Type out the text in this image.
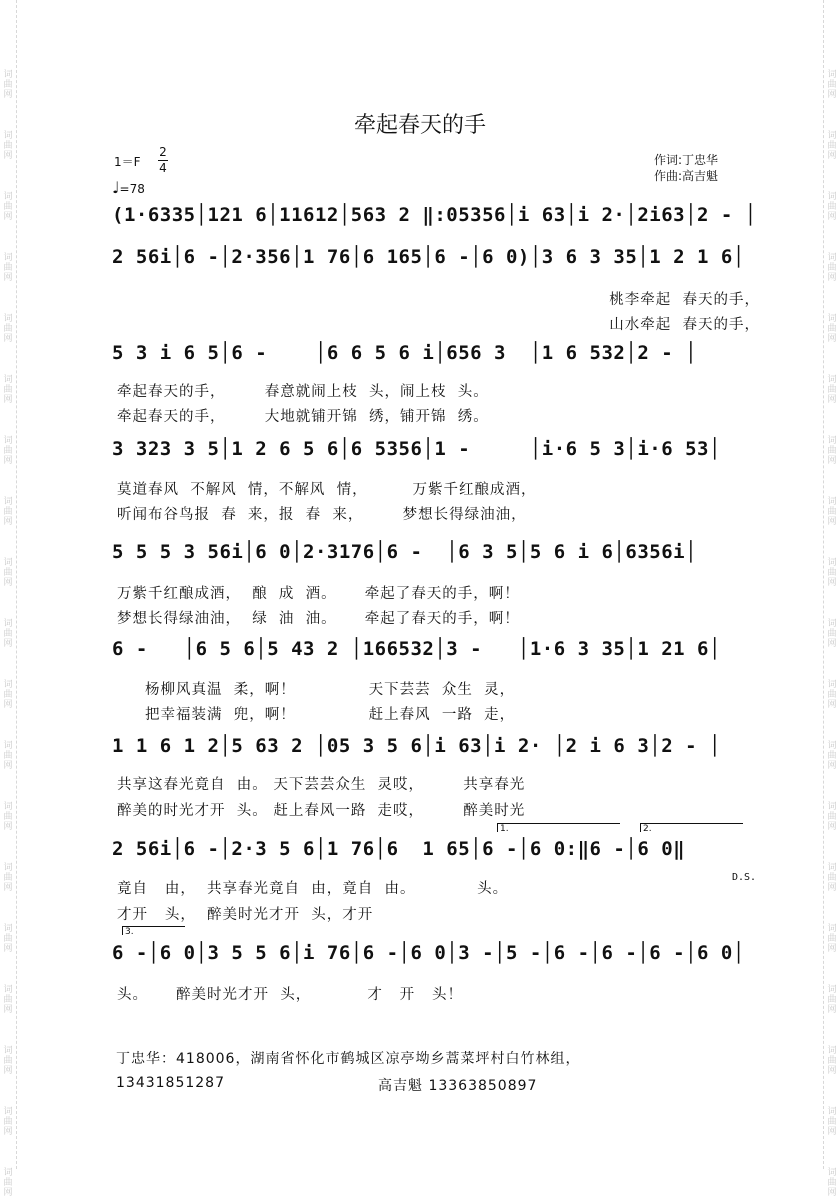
词
曲
网
词
曲
网
词
曲
网
词
曲
网
词
曲
网
词
曲
网
词
曲
网
词
曲
网
词
曲
网
词
曲
网
词
曲
网
词
曲
网
词
曲
网
词
曲
网
词
曲
网
词
曲
网
词
曲
网
词
曲
网
词
曲
网
词
曲
网
词
曲
网
词
曲
网
词
曲
网
词
曲
网
词
曲
网
词
曲
网
词
曲
网
词
曲
网
词
曲
网
词
曲
网
词
曲
网
词
曲
网
词
曲
网
词
曲
网
词
曲
网
词
曲
网
词
曲
网
词
曲
网
牵起春天的手
1＝F
2
4
♩=78
作词:丁忠华
作曲:高吉魁
(1·6335│121 6│11612│563 2 ‖:05356│i 63│i 2·│2i63│2 - │
2 56i│6 -│2·356│1 76│6 165│6 -│6 0)│3 6 3 35│1 2 1 6│
桃李牵起  春天的手，
山水牵起  春天的手，
5 3 i 6 5│6 -    │6 6 5 6 i│656 3  │1 6 532│2 - │
牵起春天的手，       春意就闹上枝  头，闹上枝  头。
牵起春天的手，       大地就铺开锦  绣，铺开锦  绣。
3 323 3 5│1 2 6 5 6│6 5356│1 -     │i·6 5 3│i·6 53│
莫道春风  不解风  情，不解风  情，        万紫千红酿成酒，
听闻布谷鸟报  春  来，报  春  来，       梦想长得绿油油，
5 5 5 3 56i│6 0│2·3176│6 -  │6 3 5│5 6 i 6│6356i│
万紫千红酿成酒，  酿  成  酒。     牵起了春天的手，啊！
梦想长得绿油油，  绿  油  油。     牵起了春天的手，啊！
6 -   │6 5 6│5 43 2 │166532│3 -   │1·6 3 35│1 21 6│
杨柳风真温  柔，啊！             天下芸芸  众生  灵，
把幸福装满  兜，啊！             赶上春风  一路  走，
1 1 6 1 2│5 63 2 │05 3 5 6│i 63│i 2· │2 i 6 3│2 - │
共享这春光竟自  由。 天下芸芸众生  灵哎，       共享春光
醉美的时光才开  头。 赶上春风一路  走哎，       醉美时光
1.	2.
2 56i│6 -│2·3 5 6│1 76│6  1 65│6 -│6 0:‖6 -│6 0‖
D.S.
竟自   由，  共享春光竟自  由，竟自  由。           头。
才开   头，  醉美时光才开  头，才开
3.
6 -│6 0│3 5 5 6│i 76│6 -│6 0│3 -│5 -│6 -│6 -│6 -│6 0│
头。     醉美时光才开  头，          才   开   头！
丁忠华：418006，湖南省怀化市鹤城区凉亭坳乡蒿菜坪村白竹林组，
13431851287	高吉魁 13363850897
